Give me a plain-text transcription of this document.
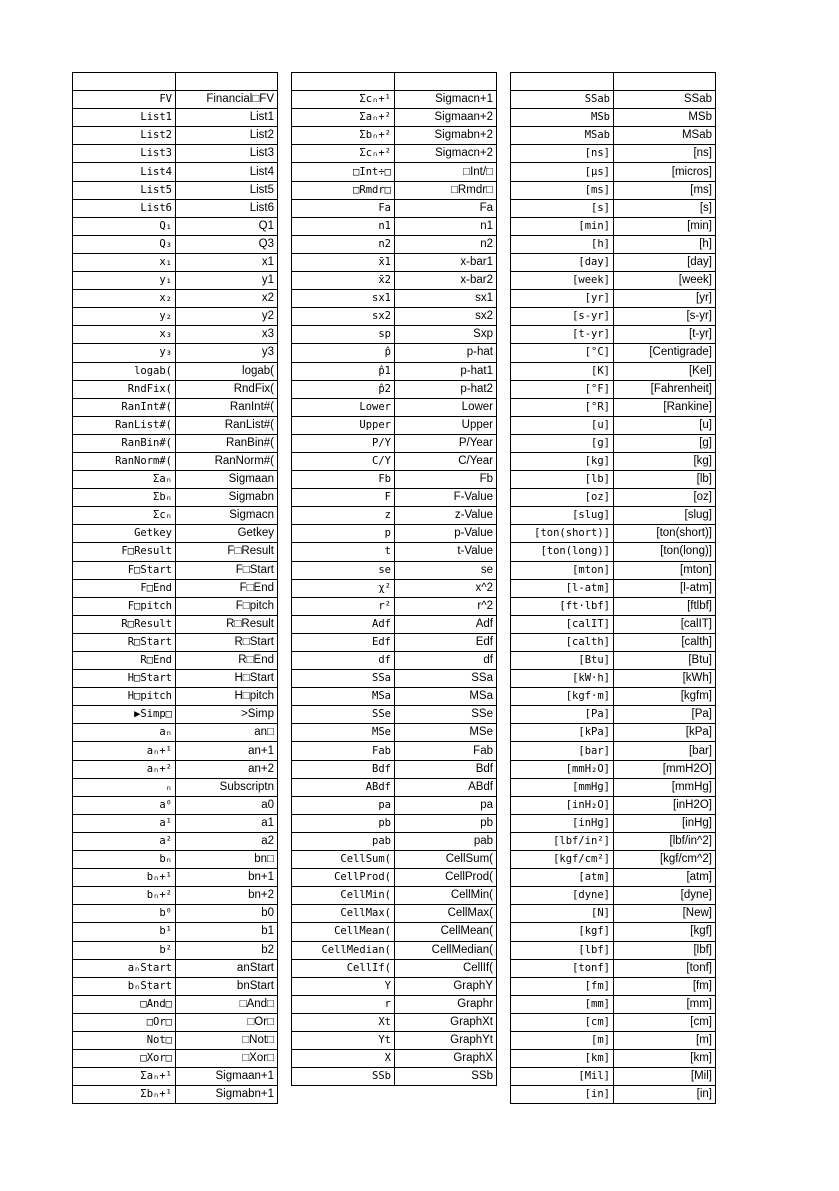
FV	Financial□FV
List1	List1
List2	List2
List3	List3
List4	List4
List5	List5
List6	List6
Q₁	Q1
Q₃	Q3
x₁	x1
y₁	y1
x₂	x2
y₂	y2
x₃	x3
y₃	y3
logab(	logab(
RndFix(	RndFix(
RanInt#(	RanInt#(
RanList#(	RanList#(
RanBin#(	RanBin#(
RanNorm#(	RanNorm#(
Σaₙ	Sigmaan
Σbₙ	Sigmabn
Σcₙ	Sigmacn
Getkey	Getkey
F□Result	F□Result
F□Start	F□Start
F□End	F□End
F□pitch	F□pitch
R□Result	R□Result
R□Start	R□Start
R□End	R□End
H□Start	H□Start
H□pitch	H□pitch
▶Simp□	>Simp
aₙ	an□
aₙ+¹	an+1
aₙ+²	an+2
ₙ	Subscriptn
a⁰	a0
a¹	a1
a²	a2
bₙ	bn□
bₙ+¹	bn+1
bₙ+²	bn+2
b⁰	b0
b¹	b1
b²	b2
aₙStart	anStart
bₙStart	bnStart
□And□	□And□
□Or□	□Or□
Not□	□Not□
□Xor□	□Xor□
Σaₙ+¹	Sigmaan+1
Σbₙ+¹	Sigmabn+1

Σcₙ+¹	Sigmacn+1
Σaₙ+²	Sigmaan+2
Σbₙ+²	Sigmabn+2
Σcₙ+²	Sigmacn+2
□Int÷□	□Int/□
□Rmdr□	□Rmdr□
Fa	Fa
n1	n1
n2	n2
x̄1	x-bar1
x̄2	x-bar2
sx1	sx1
sx2	sx2
sp	Sxp
p̂	p-hat
p̂1	p-hat1
p̂2	p-hat2
Lower	Lower
Upper	Upper
P/Y	P/Year
C/Y	C/Year
Fb	Fb
F	F-Value
z	z-Value
p	p-Value
t	t-Value
se	se
χ²	x^2
r²	r^2
Adf	Adf
Edf	Edf
df	df
SSa	SSa
MSa	MSa
SSe	SSe
MSe	MSe
Fab	Fab
Bdf	Bdf
ABdf	ABdf
pa	pa
pb	pb
pab	pab
CellSum(	CellSum(
CellProd(	CellProd(
CellMin(	CellMin(
CellMax(	CellMax(
CellMean(	CellMean(
CellMedian(	CellMedian(
CellIf(	CellIf(
Y	GraphY
r	Graphr
Xt	GraphXt
Yt	GraphYt
X	GraphX
SSb	SSb

SSab	SSab
MSb	MSb
MSab	MSab
[ns]	[ns]
[μs]	[micros]
[ms]	[ms]
[s]	[s]
[min]	[min]
[h]	[h]
[day]	[day]
[week]	[week]
[yr]	[yr]
[s-yr]	[s-yr]
[t-yr]	[t-yr]
[°C]	[Centigrade]
[K]	[Kel]
[°F]	[Fahrenheit]
[°R]	[Rankine]
[u]	[u]
[g]	[g]
[kg]	[kg]
[lb]	[lb]
[oz]	[oz]
[slug]	[slug]
[ton(short)]	[ton(short)]
[ton(long)]	[ton(long)]
[mton]	[mton]
[l-atm]	[l-atm]
[ft·lbf]	[ftlbf]
[calIT]	[calIT]
[calth]	[calth]
[Btu]	[Btu]
[kW·h]	[kWh]
[kgf·m]	[kgfm]
[Pa]	[Pa]
[kPa]	[kPa]
[bar]	[bar]
[mmH₂O]	[mmH2O]
[mmHg]	[mmHg]
[inH₂O]	[inH2O]
[inHg]	[inHg]
[lbf/in²]	[lbf/in^2]
[kgf/cm²]	[kgf/cm^2]
[atm]	[atm]
[dyne]	[dyne]
[N]	[New]
[kgf]	[kgf]
[lbf]	[lbf]
[tonf]	[tonf]
[fm]	[fm]
[mm]	[mm]
[cm]	[cm]
[m]	[m]
[km]	[km]
[Mil]	[Mil]
[in]	[in]
